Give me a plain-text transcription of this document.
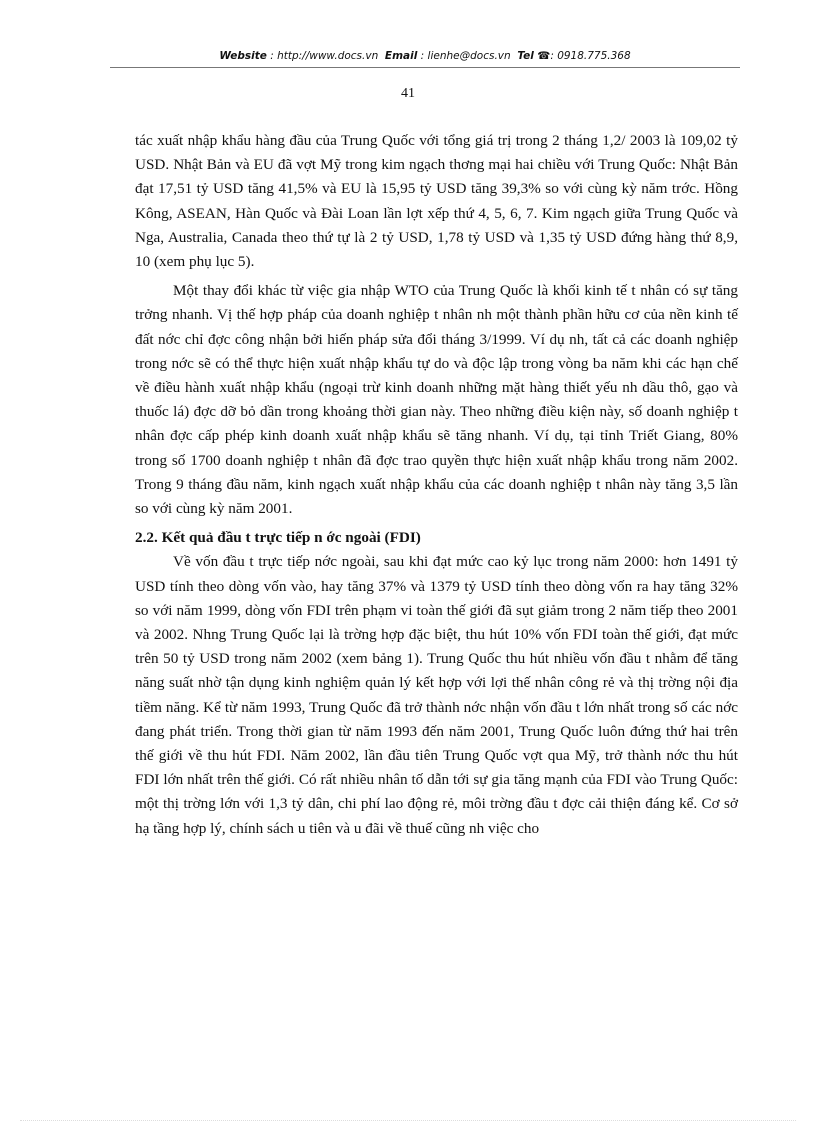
Website : http://www.docs.vn Email : lienhe@docs.vn Tel ☎: 0918.775.368
41

tác xuất nhập khẩu hàng đầu của Trung Quốc với tổng giá trị trong 2 tháng 1,2/ 2003 là 109,02 tỷ USD. Nhật Bản và EU đã vợt Mỹ trong kim ngạch thơng mại hai chiều với Trung Quốc: Nhật Bản đạt 17,51 tỷ USD tăng 41,5% và EU là 15,95 tỷ USD tăng 39,3% so với cùng kỳ năm trớc. Hồng Kông, ASEAN, Hàn Quốc và Đài Loan lần lợt xếp thứ 4, 5, 6, 7. Kim ngạch giữa Trung Quốc và Nga, Australia, Canada theo thứ tự là 2 tỷ USD, 1,78 tỷ USD và 1,35 tỷ USD đứng hàng thứ 8,9, 10 (xem phụ lục 5).

Một thay đổi khác từ việc gia nhập WTO của Trung Quốc là khối kinh tế t nhân có sự tăng trởng nhanh. Vị thế hợp pháp của doanh nghiệp t nhân nh một thành phần hữu cơ của nền kinh tế đất nớc chỉ đợc công nhận bởi hiến pháp sửa đổi tháng 3/1999. Ví dụ nh, tất cả các doanh nghiệp trong nớc sẽ có thể thực hiện xuất nhập khẩu tự do và độc lập trong vòng ba năm khi các hạn chế về điều hành xuất nhập khẩu (ngoại trừ kinh doanh những mặt hàng thiết yếu nh dầu thô, gạo và thuốc lá) đợc dỡ bỏ dần trong khoảng thời gian này. Theo những điều kiện này, số doanh nghiệp t nhân đợc cấp phép kinh doanh xuất nhập khẩu sẽ tăng nhanh. Ví dụ, tại tỉnh Triết Giang, 80% trong số 1700 doanh nghiệp t nhân đã đợc trao quyền thực hiện xuất nhập khẩu trong năm 2002. Trong 9 tháng đầu năm, kinh ngạch xuất nhập khẩu của các doanh nghiệp t nhân này tăng 3,5 lần so với cùng kỳ năm 2001.

2.2. Kết quả đầu t trực tiếp n ớc ngoài (FDI)

Về vốn đầu t trực tiếp nớc ngoài, sau khi đạt mức cao kỷ lục trong năm 2000: hơn 1491 tỷ USD tính theo dòng vốn vào, hay tăng 37% và 1379 tỷ USD tính theo dòng vốn ra hay tăng 32% so với năm 1999, dòng vốn FDI trên phạm vi toàn thế giới đã sụt giảm trong 2 năm tiếp theo 2001 và 2002. Nhng Trung Quốc lại là trờng hợp đặc biệt, thu hút 10% vốn FDI toàn thế giới, đạt mức trên 50 tỷ USD trong năm 2002 (xem bảng 1). Trung Quốc thu hút nhiều vốn đầu t nhằm để tăng năng suất nhờ tận dụng kinh nghiệm quản lý kết hợp với lợi thế nhân công rẻ và thị trờng nội địa tiềm năng. Kể từ năm 1993, Trung Quốc đã trở thành nớc nhận vốn đầu t lớn nhất trong số các nớc đang phát triển. Trong thời gian từ năm 1993 đến năm 2001, Trung Quốc luôn đứng thứ hai trên thế giới về thu hút FDI. Năm 2002, lần đầu tiên Trung Quốc vợt qua Mỹ, trở thành nớc thu hút FDI lớn nhất trên thế giới. Có rất nhiều nhân tố dẫn tới sự gia tăng mạnh của FDI vào Trung Quốc: một thị trờng lớn với 1,3 tỷ dân, chi phí lao động rẻ, môi trờng đầu t đợc cải thiện đáng kể. Cơ sở hạ tầng hợp lý, chính sách u tiên và u đãi về thuế cũng nh việc cho
